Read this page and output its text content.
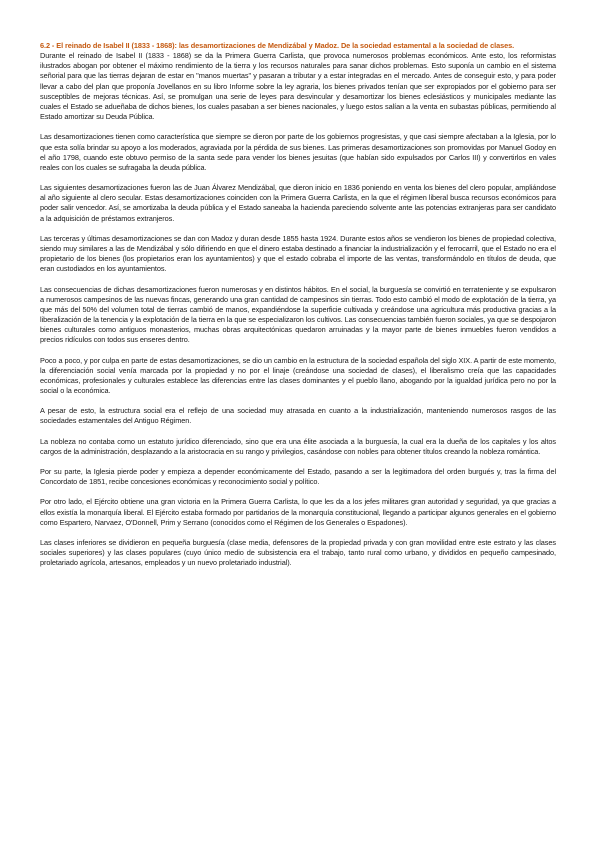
6.2 - El reinado de Isabel II (1833 - 1868): las desamortizaciones de Mendizábal y Madoz. De la sociedad estamental a la sociedad de clases.

Durante el reinado de Isabel II (1833 - 1868) se da la Primera Guerra Carlista, que provoca numerosos problemas económicos. Ante esto, los reformistas ilustrados abogan por obtener el máximo rendimiento de la tierra y los recursos naturales para sanar dichos problemas. Esto suponía un cambio en el sistema señorial para que las tierras dejaran de estar en "manos muertas" y pasaran a tributar y a estar integradas en el mercado. Antes de conseguir esto, y para poder llevar a cabo del plan que proponía Jovellanos en su libro Informe sobre la ley agraria, los bienes privados tenían que ser expropiados por el gobierno para ser susceptibles de mejoras técnicas. Así, se promulgan una serie de leyes para desvincular y desamortizar los bienes eclesiásticos y municipales mediante las cuales el Estado se adueñaba de dichos bienes, los cuales pasaban a ser bienes nacionales, y luego estos salían a la venta en subastas públicas, permitiendo al Estado amortizar su Deuda Pública.

Las desamortizaciones tienen como característica que siempre se dieron por parte de los gobiernos progresistas, y que casi siempre afectaban a la Iglesia, por lo que esta solía brindar su apoyo a los moderados, agraviada por la pérdida de sus bienes. Las primeras desamortizaciones son promovidas por Manuel Godoy en el año 1798, cuando este obtuvo permiso de la santa sede para vender los bienes jesuitas (que habían sido expulsados por Carlos III) y convertirlos en vales reales con los cuales se sufragaba la deuda pública.

Las siguientes desamortizaciones fueron las de Juan Álvarez Mendizábal, que dieron inicio en 1836 poniendo en venta los bienes del clero popular, ampliándose al año siguiente al clero secular. Estas desamortizaciones coinciden con la Primera Guerra Carlista, en la que el régimen liberal busca recursos económicos para poder salir vencedor. Así, se amortizaba la deuda pública y el Estado saneaba la hacienda pareciendo solvente ante las potencias extranjeras para ser candidato a la adquisición de préstamos extranjeros.

Las terceras y últimas desamortizaciones se dan con Madoz y duran desde 1855 hasta 1924. Durante estos años se vendieron los bienes de propiedad colectiva, siendo muy similares a las de Mendizábal y sólo difiriendo en que el dinero estaba destinado a financiar la industrialización y el ferrocarril, que el Estado no era el propietario de los bienes (los propietarios eran los ayuntamientos) y que el estado cobraba el importe de las ventas, transformándolo en títulos de deuda, que eran custodiados en los ayuntamientos.

Las consecuencias de dichas desamortizaciones fueron numerosas y en distintos hábitos. En el social, la burguesía se convirtió en terrateniente y se expulsaron a numerosos campesinos de las nuevas fincas, generando una gran cantidad de campesinos sin tierras. Todo esto cambió el modo de explotación de la tierra, ya que más del 50% del volumen total de tierras cambió de manos, expandiéndose la superficie cultivada y creándose una agricultura más productiva gracias a la liberalización de la tenencia y la explotación de la tierra en la que se especializaron los cultivos. Las consecuencias también fueron sociales, ya que se despojaron bienes culturales como antiguos monasterios, muchas obras arquitectónicas quedaron arruinadas y la mayor parte de bienes inmuebles fueron vendidos a precios ridículos con todos sus enseres dentro.

Poco a poco, y por culpa en parte de estas desamortizaciones, se dio un cambio en la estructura de la sociedad española del siglo XIX. A partir de este momento, la diferenciación social venía marcada por la propiedad y no por el linaje (creándose una sociedad de clases), el liberalismo creía que las capacidades económicas, profesionales y culturales establece las diferencias entre las clases dominantes y el pueblo llano, abogando por la igualdad jurídica pero no por la social o la económica.

A pesar de esto, la estructura social era el reflejo de una sociedad muy atrasada en cuanto a la industrialización, manteniendo numerosos rasgos de las sociedades estamentales del Antiguo Régimen.

La nobleza no contaba como un estatuto jurídico diferenciado, sino que era una élite asociada a la burguesía, la cual era la dueña de los capitales y los altos cargos de la administración, desplazando a la aristocracia en su rango y privilegios, casándose con nobles para obtener títulos creando la nobleza romántica.

Por su parte, la Iglesia pierde poder y empieza a depender económicamente del Estado, pasando a ser la legitimadora del orden burgués y, tras la firma del Concordato de 1851, recibe concesiones económicas y reconocimiento social y político.

Por otro lado, el Ejército obtiene una gran victoria en la Primera Guerra Carlista, lo que les da a los jefes militares gran autoridad y seguridad, ya que gracias a ellos existía la monarquía liberal. El Ejército estaba formado por partidarios de la monarquía constitucional, llegando a participar algunos generales en el gobierno como Espartero, Narvaez, O'Donnell, Prim y Serrano (conocidos como el Régimen de los Generales o Espadones).

Las clases inferiores se dividieron en pequeña burguesía (clase media, defensores de la propiedad privada y con gran movilidad entre este estrato y las clases sociales superiores) y las clases populares (cuyo único medio de subsistencia era el trabajo, tanto rural como urbano, y divididos en pequeño campesinado, proletariado agrícola, artesanos, empleados y un nuevo proletariado industrial).
